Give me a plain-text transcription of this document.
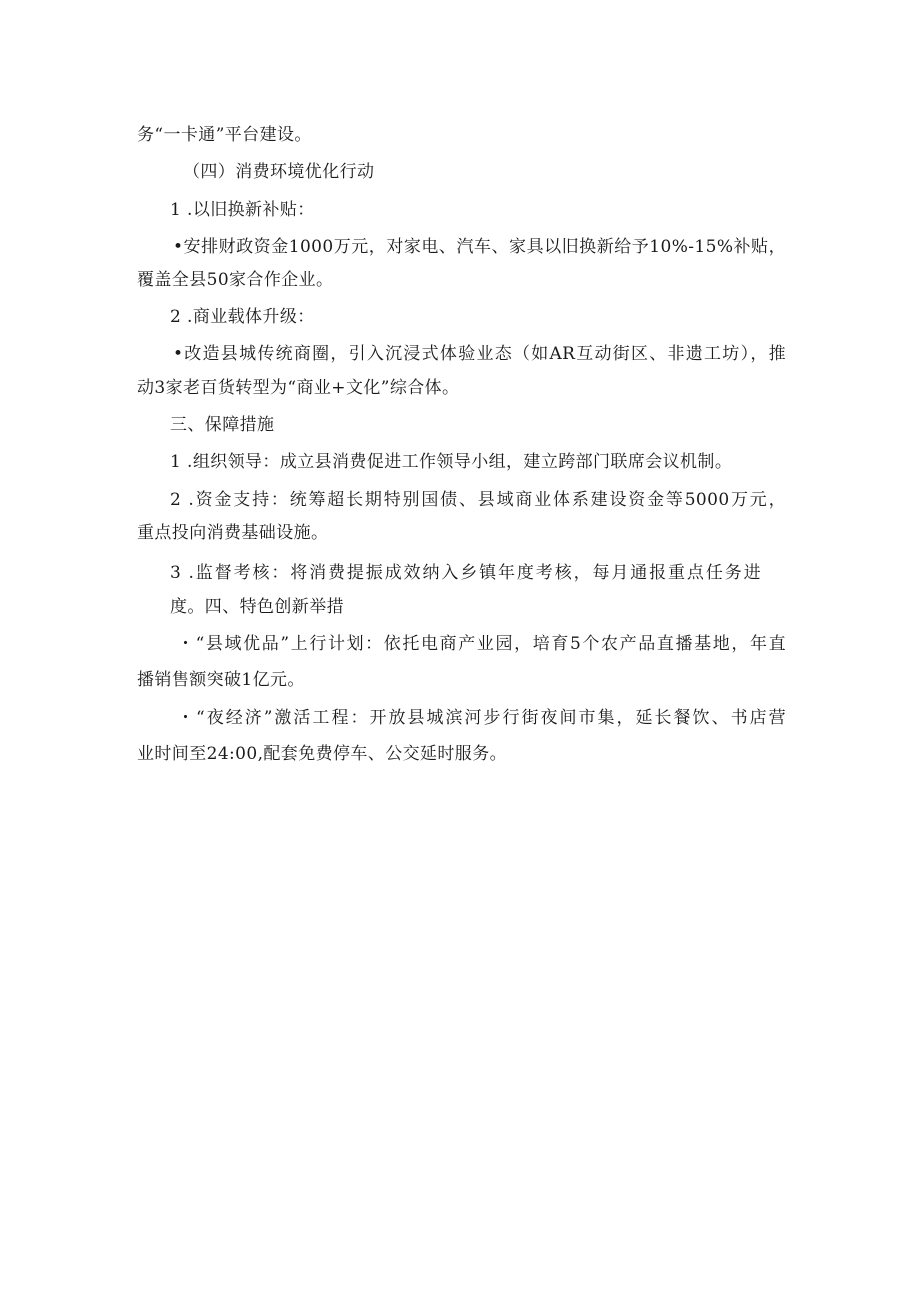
务“一卡通”平台建设。
（四）消费环境优化行动
1 .以旧换新补贴：
•安排财政资金1000万元，对家电、汽车、家具以旧换新给予10%-15%补贴，
覆盖全县50家合作企业。
2 .商业载体升级：
•改造县城传统商圈，引入沉浸式体验业态（如AR互动街区、非遗工坊），推
动3家老百货转型为“商业+文化”综合体。
三、保障措施
1 .组织领导：成立县消费促进工作领导小组，建立跨部门联席会议机制。
2 .资金支持：统筹超长期特别国债、县域商业体系建设资金等5000万元，
重点投向消费基础设施。
3 .监督考核：将消费提振成效纳入乡镇年度考核，每月通报重点任务进
度。四、特色创新举措
・“县域优品”上行计划：依托电商产业园，培育5个农产品直播基地，年直
播销售额突破1亿元。
・“夜经济”激活工程：开放县城滨河步行街夜间市集，延长餐饮、书店营
业时间至24:00,配套免费停车、公交延时服务。
